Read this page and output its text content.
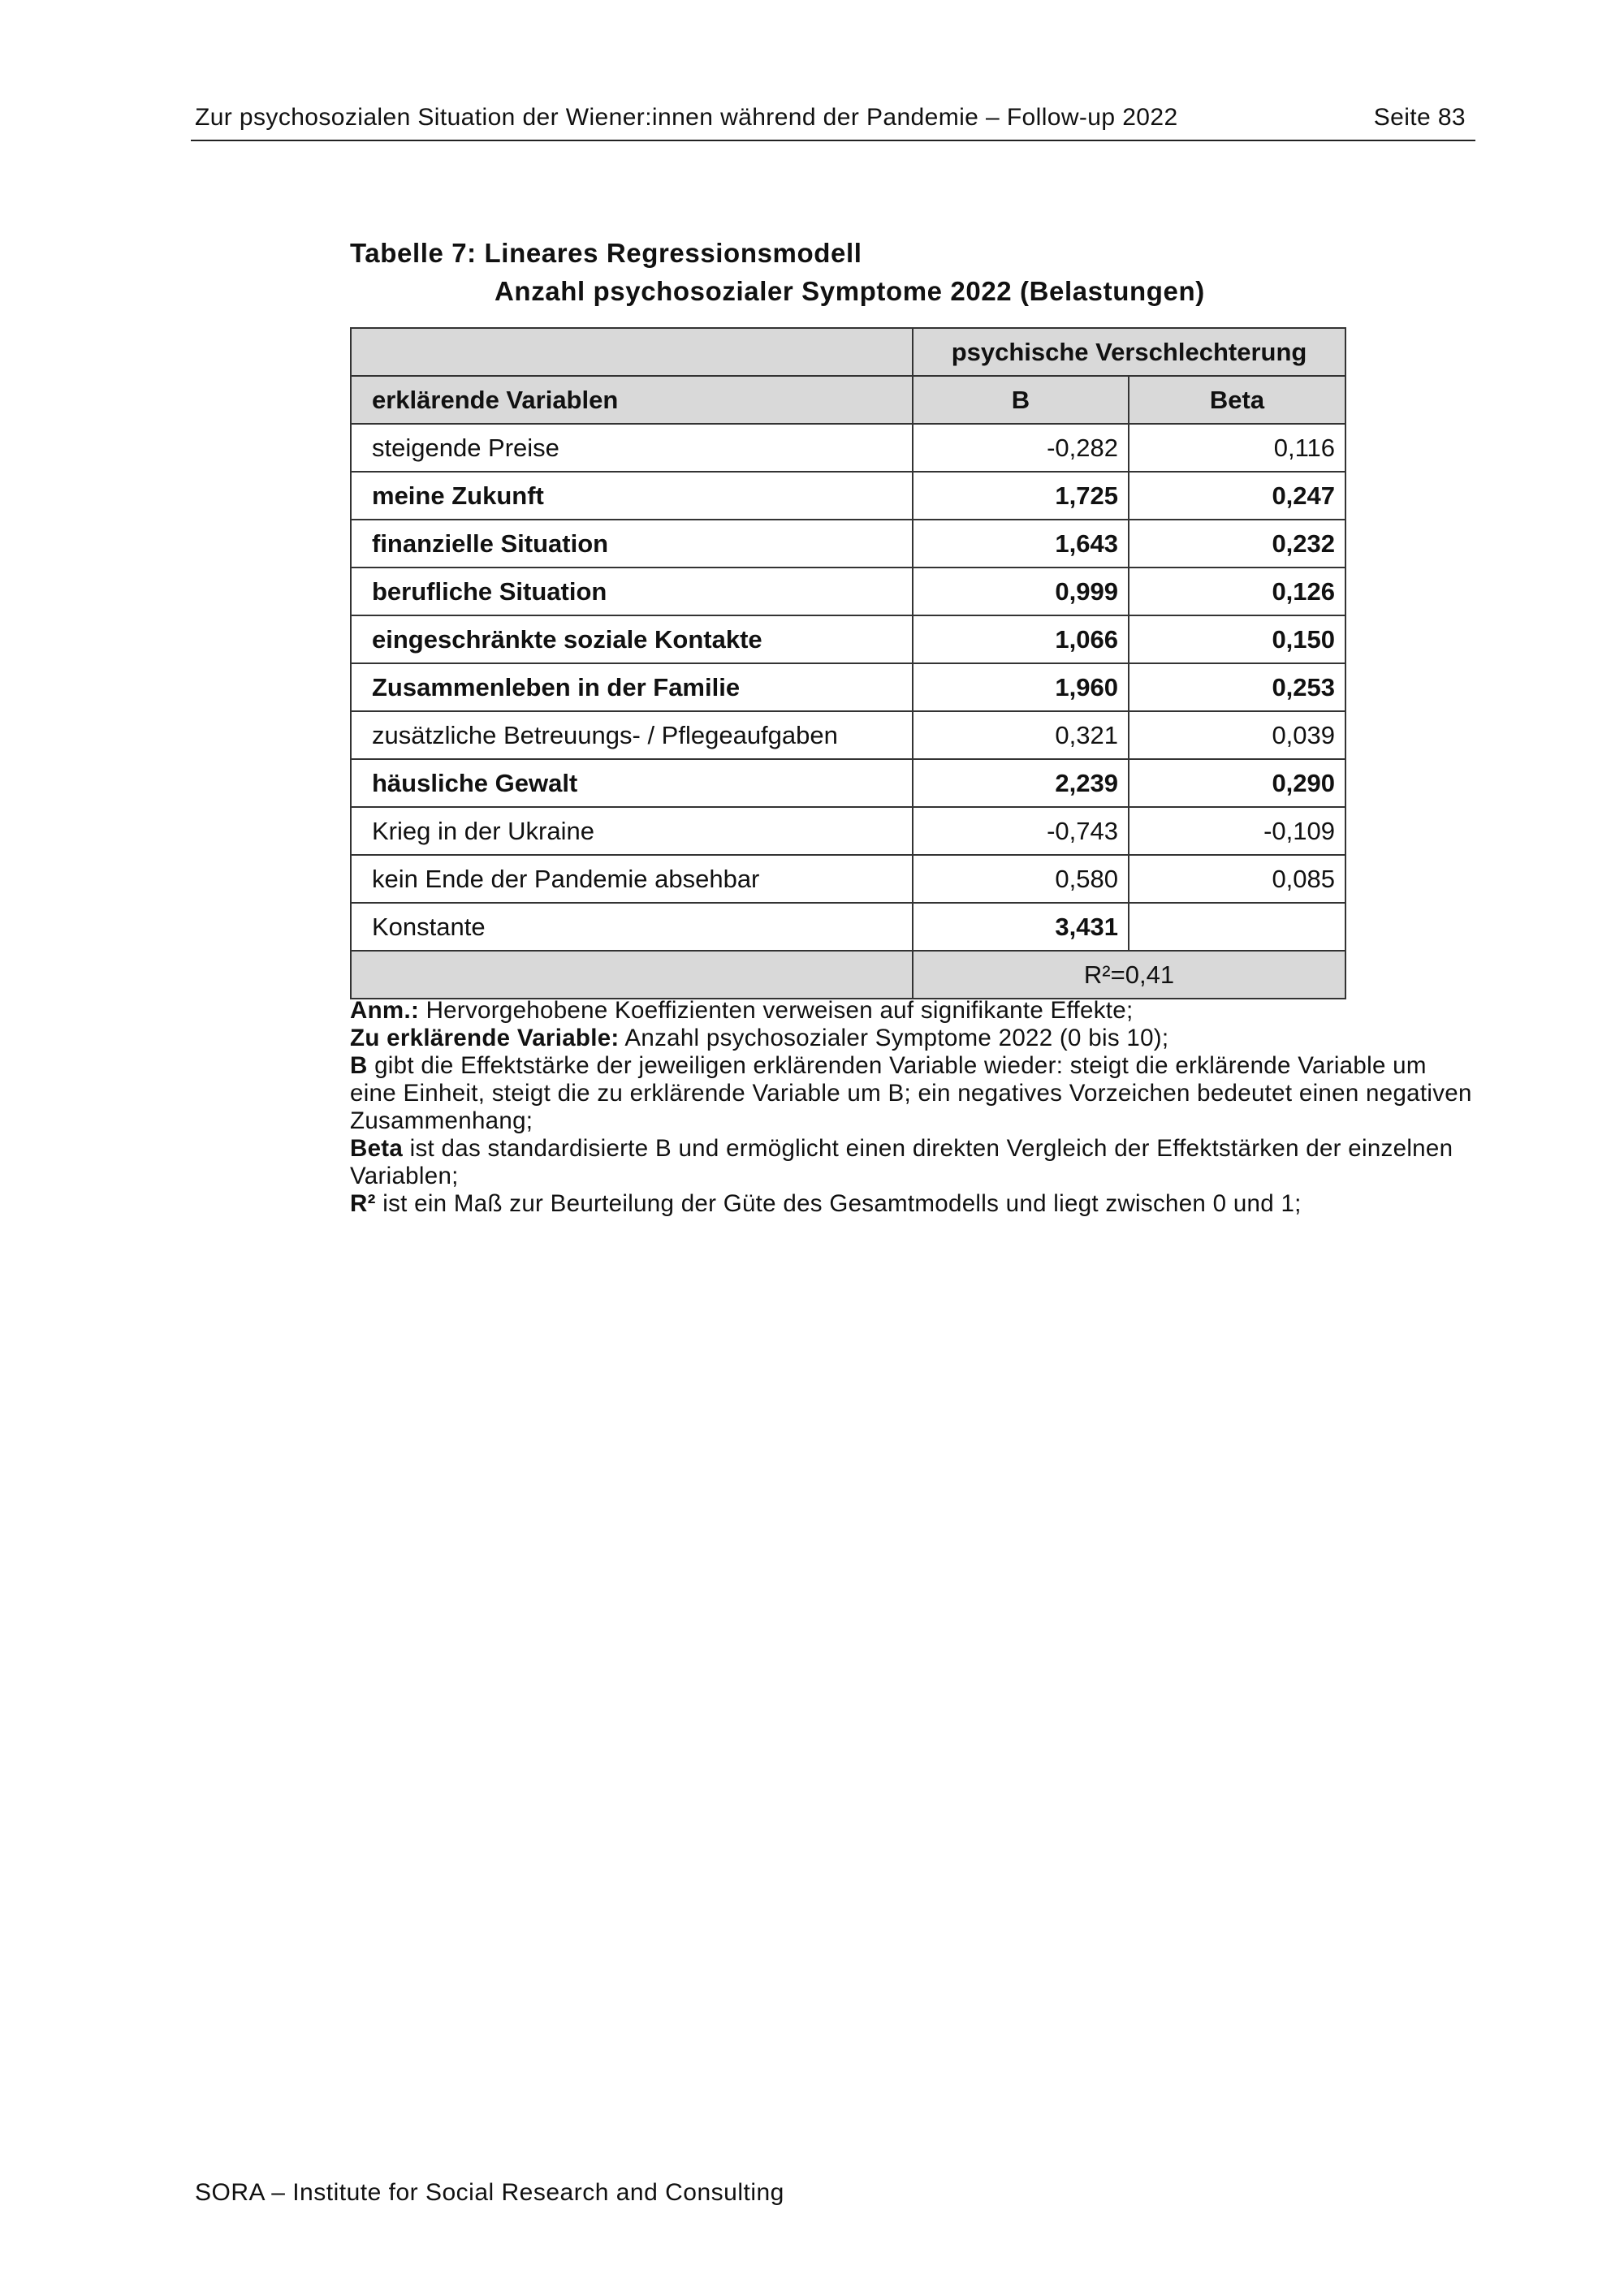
Zur psychosozialen Situation der Wiener:innen während der Pandemie – Follow-up 2022	Seite 83
Tabelle 7: Lineares Regressionsmodell
Anzahl psychosozialer Symptome 2022 (Belastungen)
	psychische Verschlechterung	
erklärende Variablen	B	Beta
steigende Preise	-0,282	0,116
meine Zukunft	1,725	0,247
finanzielle Situation	1,643	0,232
berufliche Situation	0,999	0,126
eingeschränkte soziale Kontakte	1,066	0,150
Zusammenleben in der Familie	1,960	0,253
zusätzliche Betreuungs- / Pflegeaufgaben	0,321	0,039
häusliche Gewalt	2,239	0,290
Krieg in der Ukraine	-0,743	-0,109
kein Ende der Pandemie absehbar	0,580	0,085
Konstante	3,431	
	R²=0,41	

Anm.: Hervorgehobene Koeffizienten verweisen auf signifikante Effekte;

Zu erklärende Variable: Anzahl psychosozialer Symptome 2022 (0 bis 10);

B gibt die Effektstärke der jeweiligen erklärenden Variable wieder: steigt die erklärende Variable um eine Einheit, steigt die zu erklärende Variable um B; ein negatives Vorzeichen bedeutet einen negativen Zusammenhang;

Beta ist das standardisierte B und ermöglicht einen direkten Vergleich der Effektstärken der einzelnen Variablen;

R² ist ein Maß zur Beurteilung der Güte des Gesamtmodells und liegt zwischen 0 und 1;

SORA – Institute for Social Research and Consulting
